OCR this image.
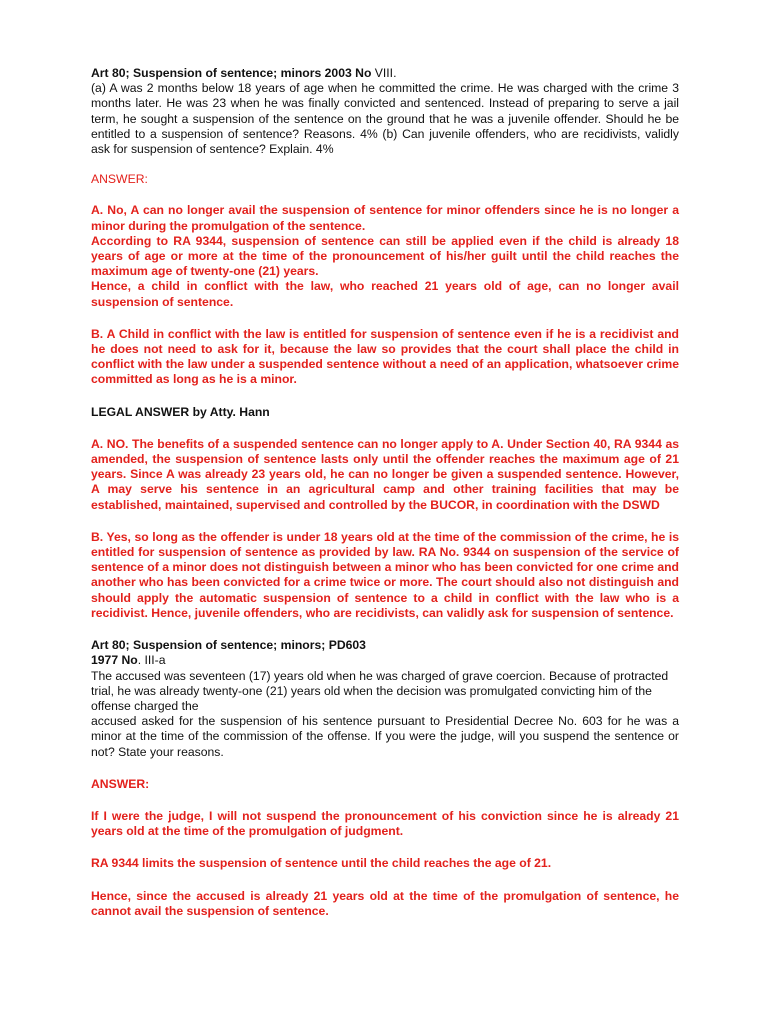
Art 80; Suspension of sentence; minors 2003 No VIII.

(a) A was 2 months below 18 years of age when he committed the crime. He was charged with the crime 3 months later. He was 23 when he was finally convicted and sentenced. Instead of preparing to serve a jail term, he sought a suspension of the sentence on the ground that he was a juvenile offender. Should he be entitled to a suspension of sentence? Reasons. 4% (b) Can juvenile offenders, who are recidivists, validly ask for suspension of sentence? Explain. 4%

ANSWER:

A. No, A can no longer avail the suspension of sentence for minor offenders since he is no longer a minor during the promulgation of the sentence.

According to RA 9344, suspension of sentence can still be applied even if the child is already 18 years of age or more at the time of the pronouncement of his/her guilt until the child reaches the maximum age of twenty-one (21) years.

Hence, a child in conflict with the law, who reached 21 years old of age, can no longer avail suspension of sentence.

B. A Child in conflict with the law is entitled for suspension of sentence even if he is a recidivist and he does not need to ask for it, because the law so provides that the court shall place the child in conflict with the law under a suspended sentence without a need of an application, whatsoever crime committed as long as he is a minor.

LEGAL ANSWER by Atty. Hann

A. NO. The benefits of a suspended sentence can no longer apply to A. Under Section 40, RA 9344 as amended, the suspension of sentence lasts only until the offender reaches the maximum age of 21 years. Since A was already 23 years old, he can no longer be given a suspended sentence. However, A may serve his sentence in an agricultural camp and other training facilities that may be established, maintained, supervised and controlled by the BUCOR, in coordination with the DSWD

B. Yes, so long as the offender is under 18 years old at the time of the commission of the crime, he is entitled for suspension of sentence as provided by law. RA No. 9344 on suspension of the service of sentence of a minor does not distinguish between a minor who has been convicted for one crime and another who has been convicted for a crime twice or more. The court should also not distinguish and should apply the automatic suspension of sentence to a child in conflict with the law who is a recidivist. Hence, juvenile offenders, who are recidivists, can validly ask for suspension of sentence.

Art 80; Suspension of sentence; minors; PD603

1977 No. III-a

The accused was seventeen (17) years old when he was charged of grave coercion. Because of protracted trial, he was already twenty-one (21) years old when the decision was promulgated convicting him of the offense charged the

accused asked for the suspension of his sentence pursuant to Presidential Decree No. 603 for he was a minor at the time of the commission of the offense. If you were the judge, will you suspend the sentence or not? State your reasons.

ANSWER:

If I were the judge, I will not suspend the pronouncement of his conviction since he is already 21 years old at the time of the promulgation of judgment.

RA 9344 limits the suspension of sentence until the child reaches the age of 21.

Hence, since the accused is already 21 years old at the time of the promulgation of sentence, he cannot avail the suspension of sentence.
